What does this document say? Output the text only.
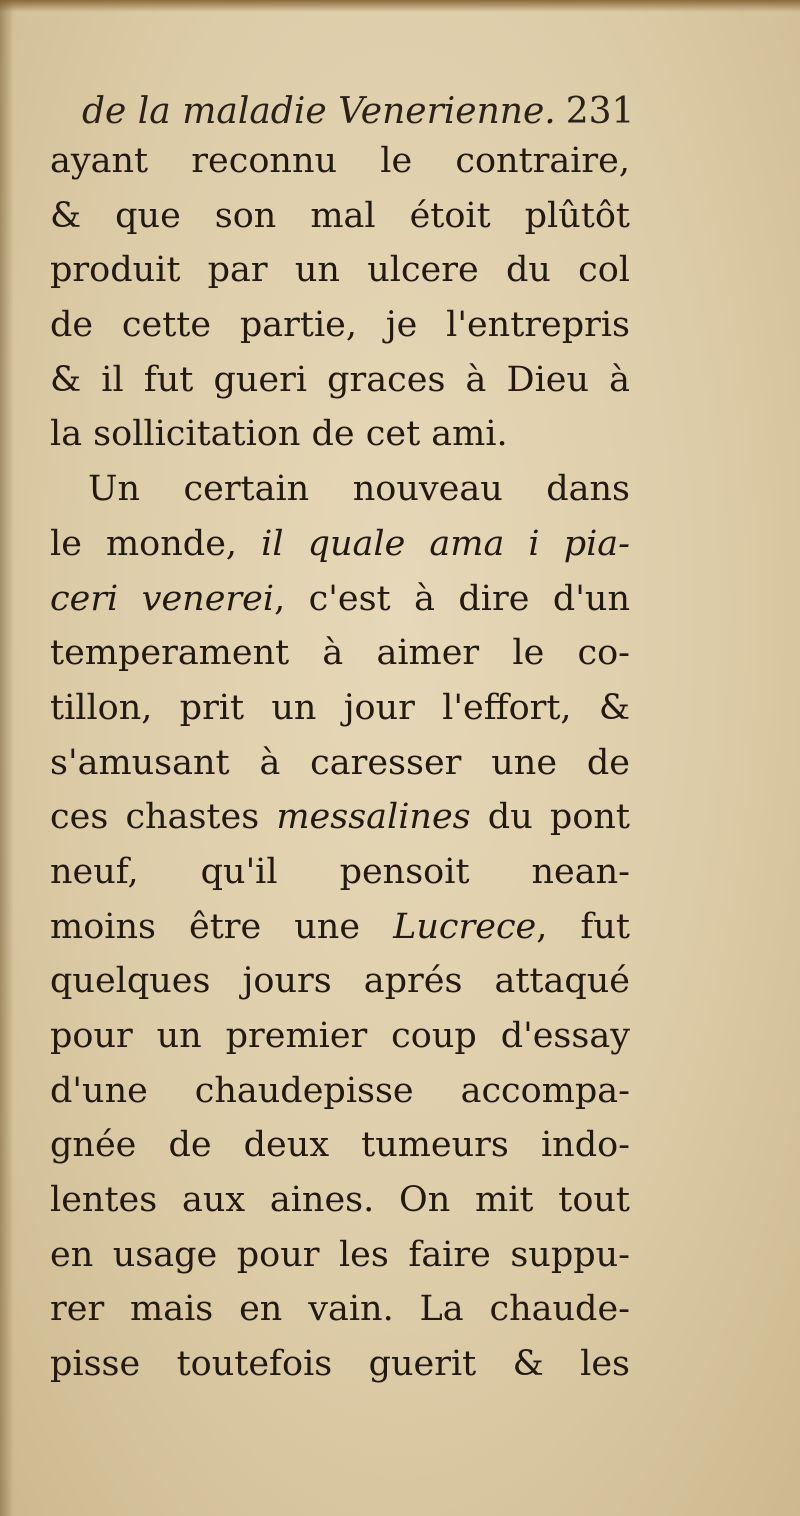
de la maladie Venerienne. 231
ayant reconnu le contraire,
& que son mal étoit plûtôt
produit par un ulcere du col
de cette partie, je l'entrepris
& il fut gueri graces à Dieu à
la sollicitation de cet ami.
Un certain nouveau dans
le monde, il quale ama i pia-
ceri venerei, c'est à dire d'un
temperament à aimer le co-
tillon, prit un jour l'effort, &
s'amusant à caresser une de
ces chastes messalines du pont
neuf, qu'il pensoit nean-
moins être une Lucrece, fut
quelques jours aprés attaqué
pour un premier coup d'essay
d'une chaudepisse accompa-
gnée de deux tumeurs indo-
lentes aux aines. On mit tout
en usage pour les faire suppu-
rer mais en vain. La chaude-
pisse toutefois guerit & les
